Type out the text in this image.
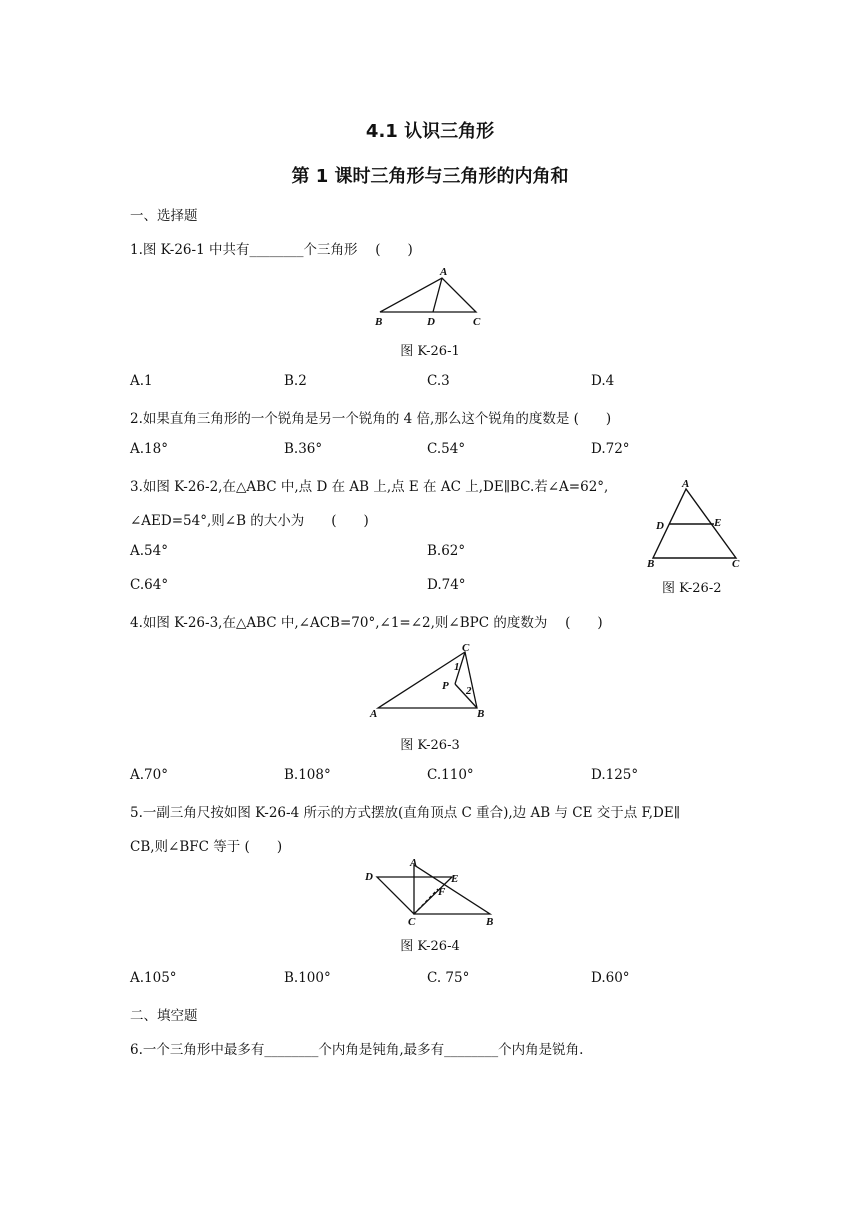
4.1 认识三角形
第 1 课时三角形与三角形的内角和
一、选择题
1.图 K-26-1 中共有________个三角形　 (　　)
A
B	D	C
图 K-26-1
A.1	B.2	C.3	D.4
2.如果直角三角形的一个锐角是另一个锐角的 4 倍,那么这个锐角的度数是 (　　)
A.18°	B.36°	C.54°	D.72°
3.如图 K-26-2,在△ABC 中,点 D 在 AB 上,点 E 在 AC 上,DE∥BC.若∠A=62°,
∠AED=54°,则∠B 的大小为　　(　　)
A
D	E
B	C
A.54°	B.62°
C.64°	D.74°	图 K-26-2
4.如图 K-26-3,在△ABC 中,∠ACB=70°,∠1=∠2,则∠BPC 的度数为　 (　　)
C
P
1
2
A	B
图 K-26-3
A.70°	B.108°	C.110°	D.125°
5.一副三角尺按如图 K-26-4 所示的方式摆放(直角顶点 C 重合),边 AB 与 CE 交于点 F,DE∥
CB,则∠BFC 等于 (　　)
A
D	E
F
C	B
图 K-26-4
A.105°	B.100°	C. 75°	D.60°
二、填空题
6.一个三角形中最多有________个内角是钝角,最多有________个内角是锐角.
